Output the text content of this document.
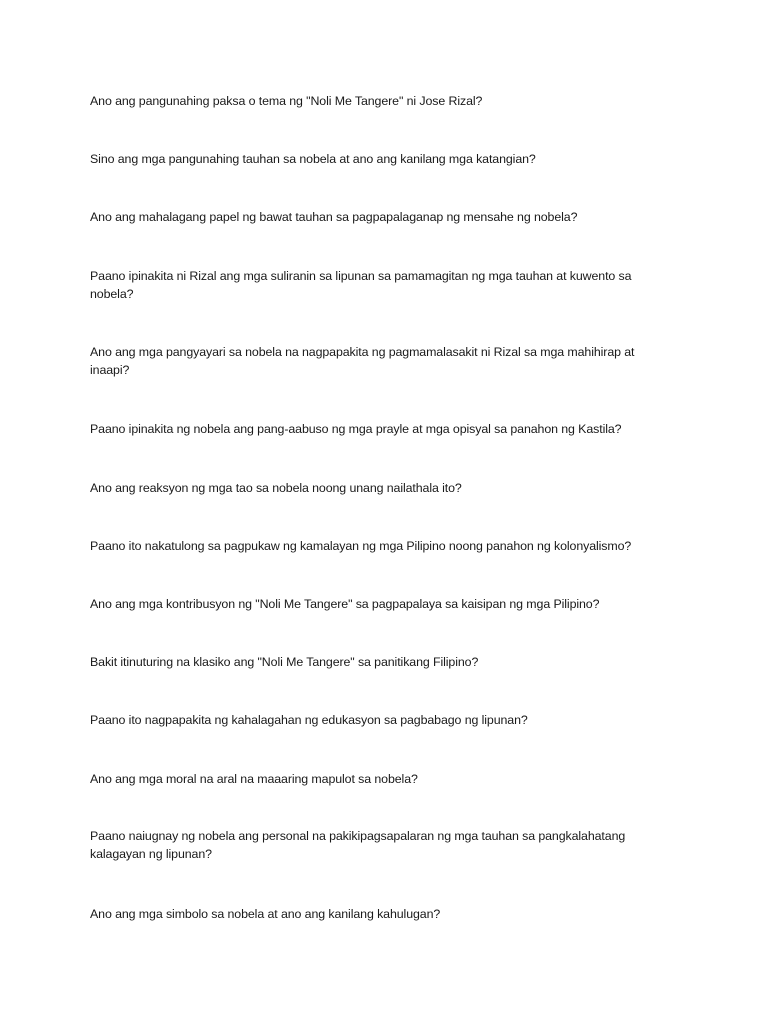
Ano ang pangunahing paksa o tema ng "Noli Me Tangere" ni Jose Rizal?

Sino ang mga pangunahing tauhan sa nobela at ano ang kanilang mga katangian?

Ano ang mahalagang papel ng bawat tauhan sa pagpapalaganap ng mensahe ng nobela?

Paano ipinakita ni Rizal ang mga suliranin sa lipunan sa pamamagitan ng mga tauhan at kuwento sa nobela?

Ano ang mga pangyayari sa nobela na nagpapakita ng pagmamalasakit ni Rizal sa mga mahihirap at inaapi?

Paano ipinakita ng nobela ang pang-aabuso ng mga prayle at mga opisyal sa panahon ng Kastila?

Ano ang reaksyon ng mga tao sa nobela noong unang nailathala ito?

Paano ito nakatulong sa pagpukaw ng kamalayan ng mga Pilipino noong panahon ng kolonyalismo?

Ano ang mga kontribusyon ng "Noli Me Tangere" sa pagpapalaya sa kaisipan ng mga Pilipino?

Bakit itinuturing na klasiko ang "Noli Me Tangere" sa panitikang Filipino?

Paano ito nagpapakita ng kahalagahan ng edukasyon sa pagbabago ng lipunan?

Ano ang mga moral na aral na maaaring mapulot sa nobela?

Paano naiugnay ng nobela ang personal na pakikipagsapalaran ng mga tauhan sa pangkalahatang kalagayan ng lipunan?

Ano ang mga simbolo sa nobela at ano ang kanilang kahulugan?
